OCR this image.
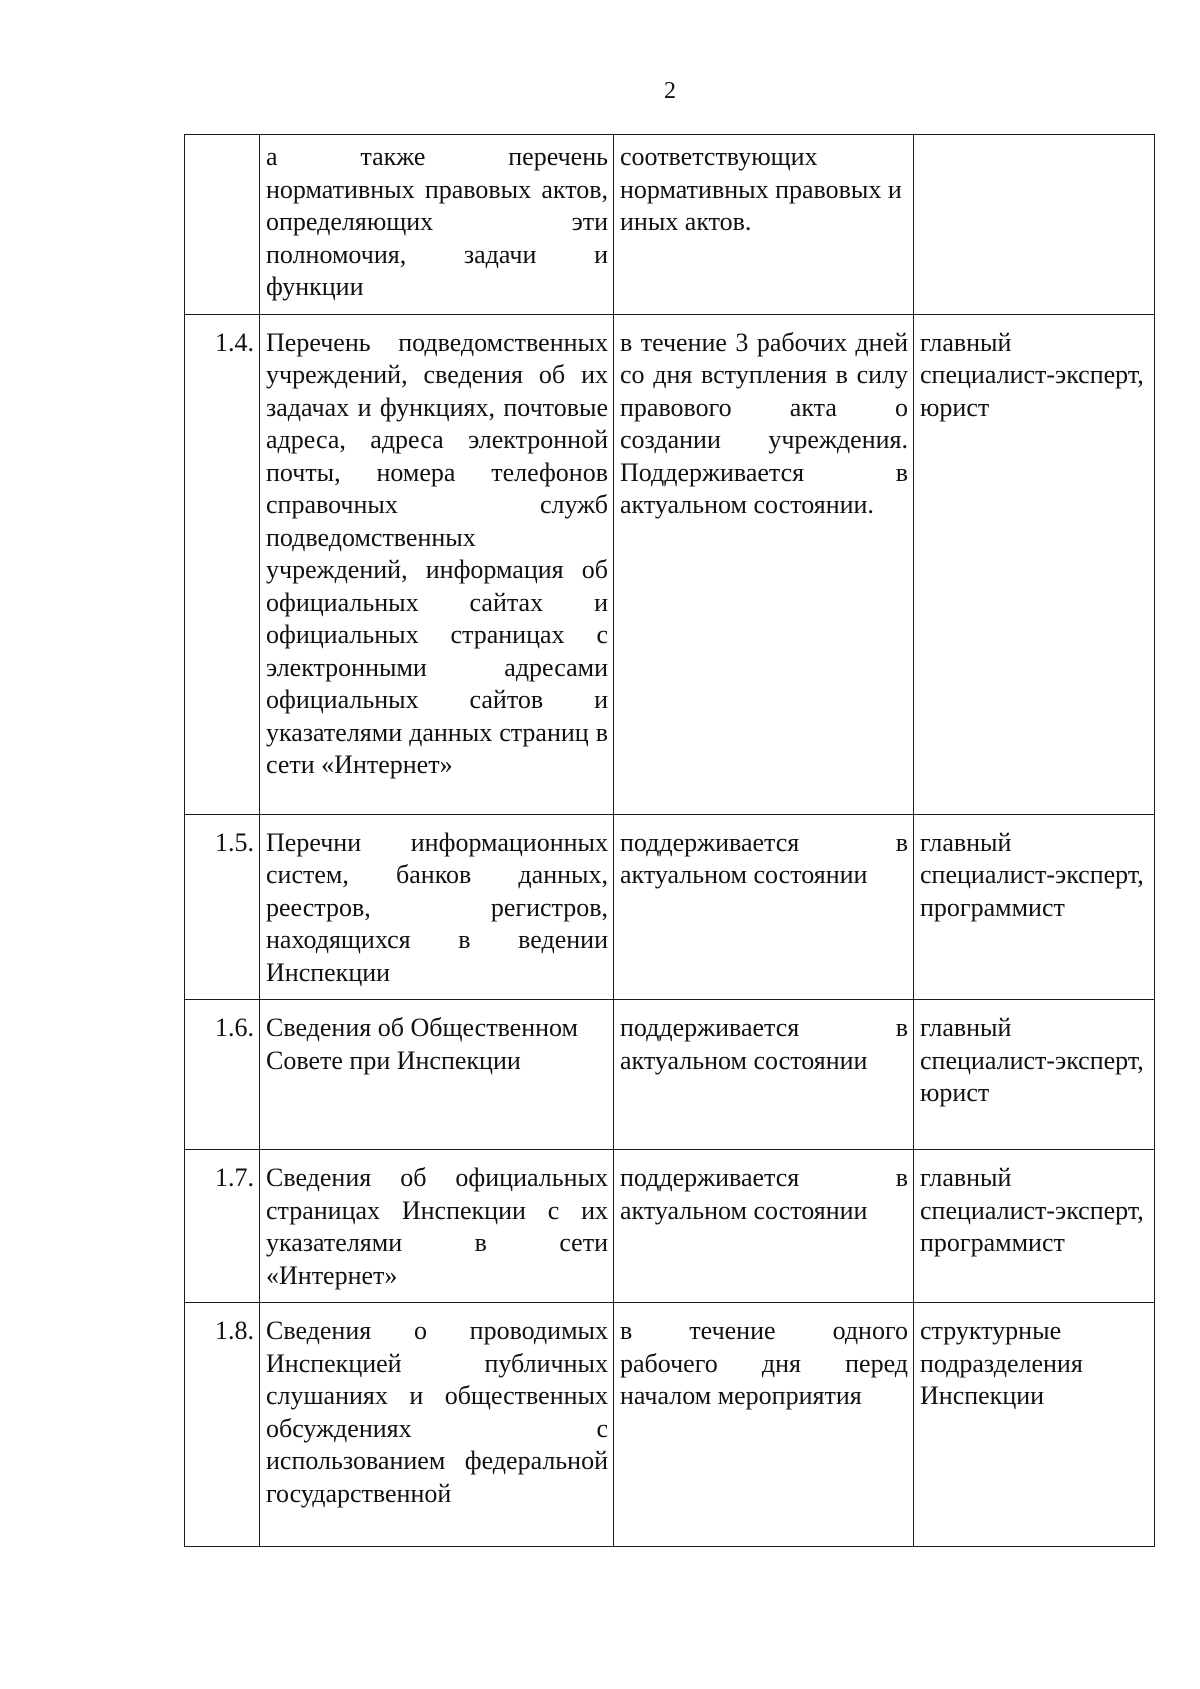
2

	а также перечень нормативных правовых актов, определяющих эти полномочия, задачи и функции	соответствующих нормативных правовых и иных актов.	

1.4.	Перечень подведомственных учреждений, сведения об их задачах и функциях, почтовые адреса, адреса электронной почты, номера телефонов справочных служб подведомственных учреждений, информация об официальных сайтах и официальных страницах с электронными адресами официальных сайтов и указателями данных страниц в сети «Интернет»	в течение 3 рабочих дней со дня вступления в силу правового акта о создании учреждения. Поддерживается в актуальном состоянии.	главный специалист-эксперт, юрист

1.5.	Перечни информационных систем, банков данных, реестров, регистров, находящихся в ведении Инспекции	поддерживается в актуальном состоянии	главный специалист-эксперт, программист

1.6.	Сведения об Общественном Совете при Инспекции	поддерживается в актуальном состоянии	главный специалист-эксперт, юрист

1.7.	Сведения об официальных страницах Инспекции с их указателями в сети «Интернет»	поддерживается в актуальном состоянии	главный специалист-эксперт, программист

1.8.	Сведения о проводимых Инспекцией публичных слушаниях и общественных обсуждениях с использованием федеральной государственной	в течение одного рабочего дня перед началом мероприятия	структурные подразделения Инспекции
